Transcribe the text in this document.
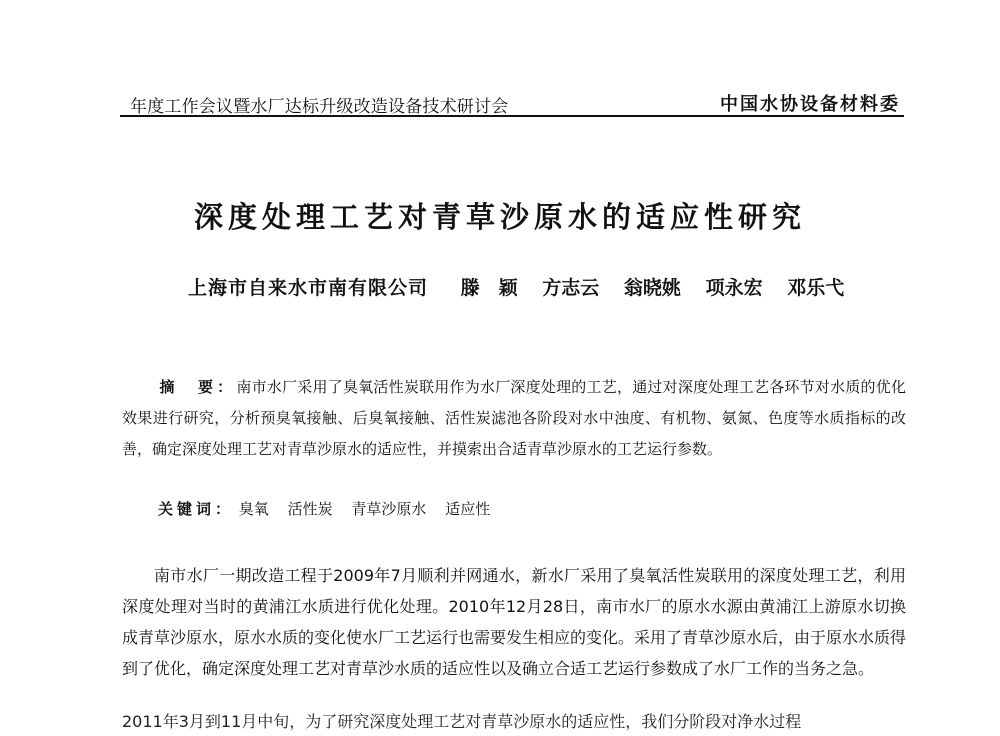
年度工作会议暨水厂达标升级改造设备技术研讨会	中国水协设备材料委
深度处理工艺对青草沙原水的适应性研究
上海市自来水市南有限公司 滕　颖 方志云 翁晓姚 项永宏 邓乐弋

摘　要：南市水厂采用了臭氧活性炭联用作为水厂深度处理的工艺，通过对深度处理工艺各环节对水质的优化效果进行研究，分析预臭氧接触、后臭氧接触、活性炭滤池各阶段对水中浊度、有机物、氨氮、色度等水质指标的改善，确定深度处理工艺对青草沙原水的适应性，并摸索出合适青草沙原水的工艺运行参数。

关键词： 臭氧 活性炭 青草沙原水 适应性

南市水厂一期改造工程于2009年7月顺利并网通水，新水厂采用了臭氧活性炭联用的深度处理工艺，利用深度处理对当时的黄浦江水质进行优化处理。2010年12月28日，南市水厂的原水水源由黄浦江上游原水切换成青草沙原水，原水水质的变化使水厂工艺运行也需要发生相应的变化。采用了青草沙原水后，由于原水水质得到了优化，确定深度处理工艺对青草沙水质的适应性以及确立合适工艺运行参数成了水厂工作的当务之急。

2011年3月到11月中旬，为了研究深度处理工艺对青草沙原水的适应性，我们分阶段对净水过程
